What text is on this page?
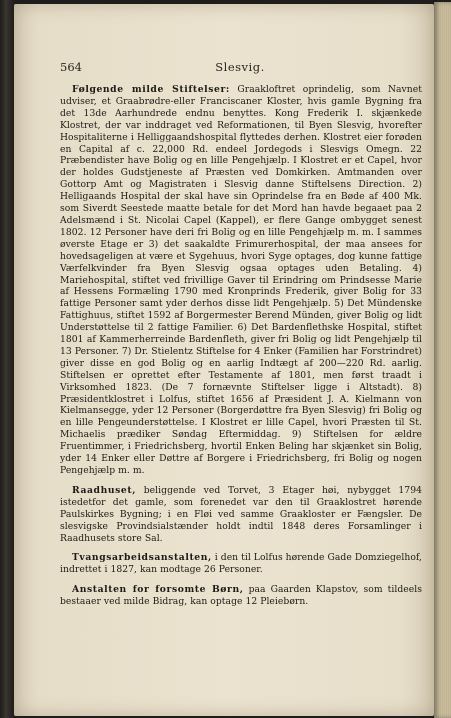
564	Slesvig.

Følgende milde Stiftelser: Graakloftret oprindelig, som Navnet udviser, et Graabrødre-eller Franciscaner Kloster, hvis gamle Bygning fra det 13de Aarhundrede endnu benyttes. Kong Frederik I. skjænkede Klostret, der var inddraget ved Reformationen, til Byen Slesvig, hvorefter Hospitaliterne i Helliggaandshospital flyttedes derhen. Klostret eier forøden en Capital af c. 22,000 Rd. endeel Jordegods i Slesvigs Omegn. 22 Præbendister have Bolig og en lille Pengehjælp. I Klostret er et Capel, hvor der holdes Gudstjeneste af Præsten ved Domkirken. Amtmanden over Gottorp Amt og Magistraten i Slesvig danne Stiftelsens Direction. 2) Helligaands Hospital der skal have sin Oprindelse fra en Bøde af 400 Mk. som Siverdt Seestede maatte betale for det Mord han havde begaaet paa 2 Adelsmænd i St. Nicolai Capel (Kappel), er flere Gange ombygget senest 1802. 12 Personer have deri fri Bolig og en lille Pengehjælp m. m. I sammes øverste Etage er 3) det saakaldte Frimurerhospital, der maa ansees for hovedsageligen at være et Sygehuus, hvori Syge optages, dog kunne fattige Værfelkvinder fra Byen Slesvig ogsaa optages uden Betaling. 4) Mariehospital, stiftet ved frivillige Gaver til Erindring om Prindsesse Marie af Hessens Formæling 1790 med Kronprinds Frederik, giver Bolig for 33 fattige Personer samt yder derhos disse lidt Pengehjælp. 5) Det Mündenske Fattighuus, stiftet 1592 af Borgermester Berend Münden, giver Bolig og lidt Understøttelse til 2 fattige Familier. 6) Det Bardenflethske Hospital, stiftet 1801 af Kammerherreinde Bardenfleth, giver fri Bolig og lidt Pengehjælp til 13 Personer. 7) Dr. Stielentz Stiftelse for 4 Enker (Familien har Forstrindret) giver disse en god Bolig og en aarlig Indtægt af 200—220 Rd. aarlig. Stiftelsen er oprettet efter Testamente af 1801, men først traadt i Virksomhed 1823. (De 7 fornævnte Stiftelser ligge i Altstadt). 8) Præsidentklostret i Lolfus, stiftet 1656 af Præsident J. A. Kielmann von Kielmansegge, yder 12 Personer (Borgerdøttre fra Byen Slesvig) fri Bolig og en lille Pengeunderstøttelse. I Klostret er lille Capel, hvori Præsten til St. Michaelis prædiker Søndag Eftermiddag. 9) Stiftelsen for ældre Fruentimmer, i Friedrichsberg, hvortil Enken Beling har skjænket sin Bolig, yder 14 Enker eller Døttre af Borgere i Friedrichsberg, fri Bolig og nogen Pengehjælp m. m.

Raadhuset, beliggende ved Torvet, 3 Etager høi, nybygget 1794 istedetfor det gamle, som forenedet var den til Graaklostret hørende Paulskirkes Bygning; i en Fløi ved samme Graakloster er Fængsler. De slesvigske Provindsialstænder holdt indtil 1848 deres Forsamlinger i Raadhusets store Sal.

Tvangsarbeidsanstalten, i den til Lolfus hørende Gade Domziegelhof, indrettet i 1827, kan modtage 26 Personer.

Anstalten for forsomte Børn, paa Gaarden Klapstov, som tildeels bestaaer ved milde Bidrag, kan optage 12 Pleiebørn.
